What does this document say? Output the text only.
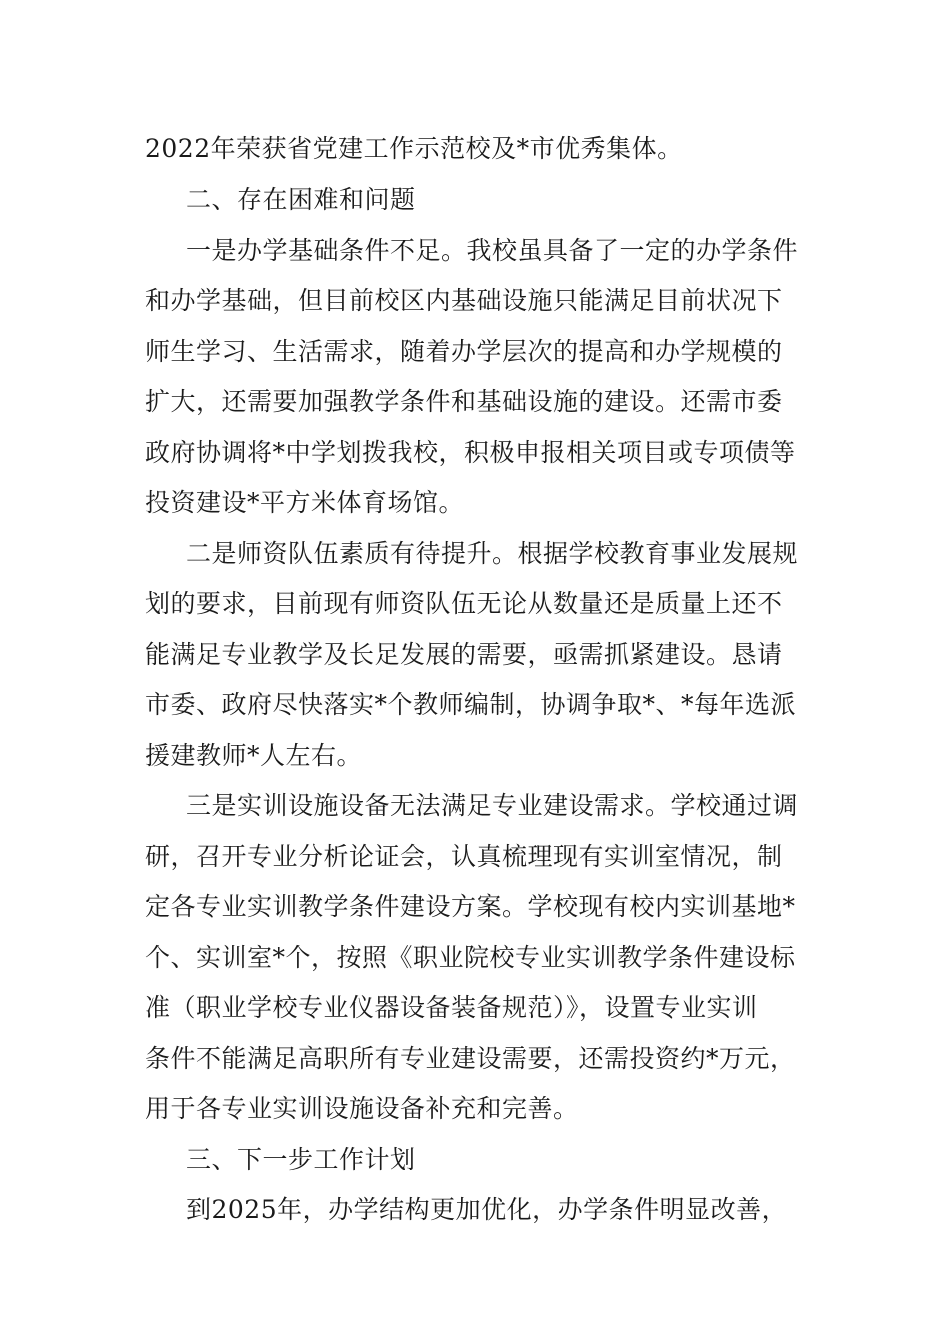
2022年荣获省党建工作示范校及*市优秀集体。
二、存在困难和问题
一是办学基础条件不足。我校虽具备了一定的办学条件
和办学基础，但目前校区内基础设施只能满足目前状况下
师生学习、生活需求，随着办学层次的提高和办学规模的
扩大，还需要加强教学条件和基础设施的建设。还需市委
政府协调将*中学划拨我校，积极申报相关项目或专项债等
投资建设*平方米体育场馆。
二是师资队伍素质有待提升。根据学校教育事业发展规
划的要求，目前现有师资队伍无论从数量还是质量上还不
能满足专业教学及长足发展的需要，亟需抓紧建设。恳请
市委、政府尽快落实*个教师编制，协调争取*、*每年选派
援建教师*人左右。
三是实训设施设备无法满足专业建设需求。学校通过调
研，召开专业分析论证会，认真梳理现有实训室情况，制
定各专业实训教学条件建设方案。学校现有校内实训基地*
个、实训室*个，按照《职业院校专业实训教学条件建设标
准（职业学校专业仪器设备装备规范）》，设置专业实训
条件不能满足高职所有专业建设需要，还需投资约*万元，
用于各专业实训设施设备补充和完善。
三、下一步工作计划
到2025年，办学结构更加优化，办学条件明显改善，
